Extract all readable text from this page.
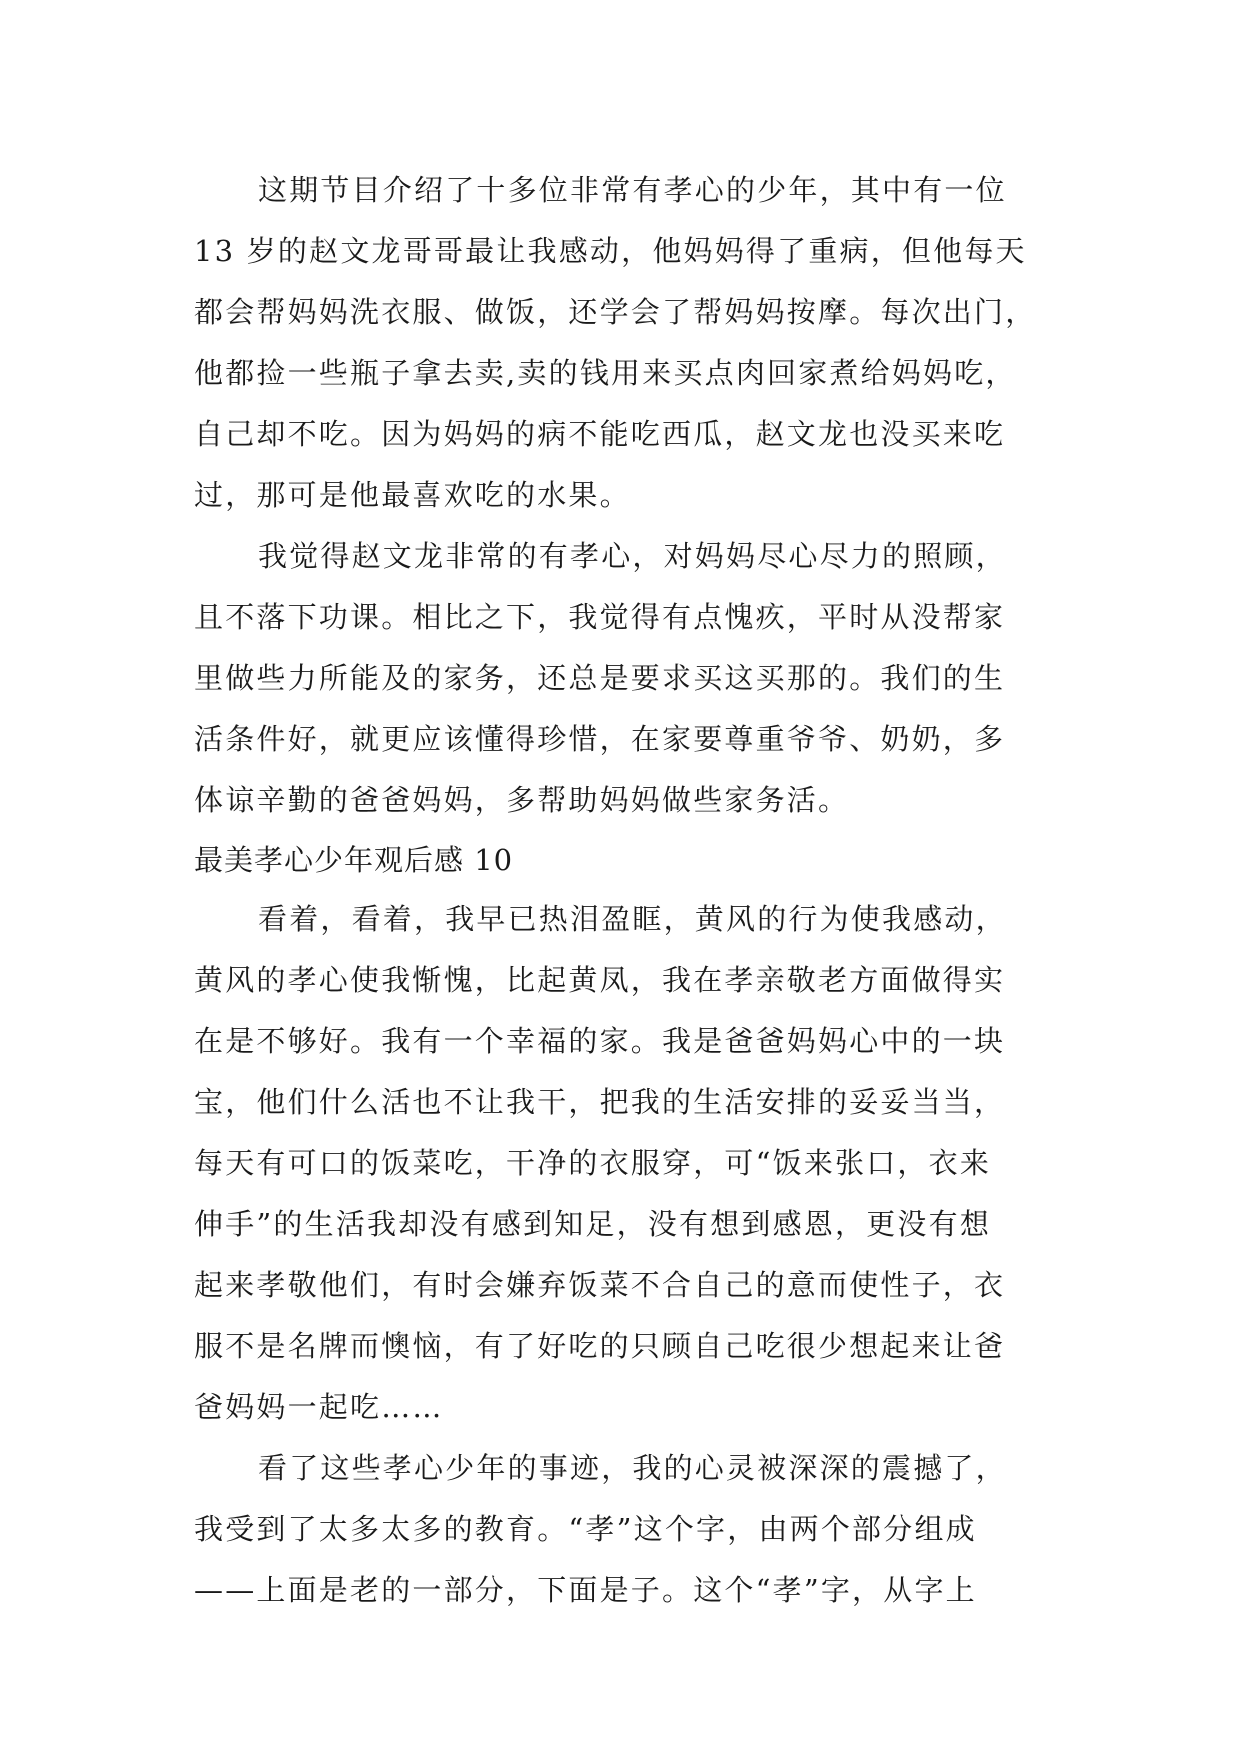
这期节目介绍了十多位非常有孝心的少年，其中有一位
13 岁的赵文龙哥哥最让我感动，他妈妈得了重病，但他每天
都会帮妈妈洗衣服、做饭，还学会了帮妈妈按摩。每次出门，
他都捡一些瓶子拿去卖,卖的钱用来买点肉回家煮给妈妈吃，
自己却不吃。因为妈妈的病不能吃西瓜，赵文龙也没买来吃
过，那可是他最喜欢吃的水果。
我觉得赵文龙非常的有孝心，对妈妈尽心尽力的照顾，
且不落下功课。相比之下，我觉得有点愧疚，平时从没帮家
里做些力所能及的家务，还总是要求买这买那的。我们的生
活条件好，就更应该懂得珍惜，在家要尊重爷爷、奶奶，多
体谅辛勤的爸爸妈妈，多帮助妈妈做些家务活。
最美孝心少年观后感 10
看着，看着，我早已热泪盈眶，黄风的行为使我感动，
黄风的孝心使我惭愧，比起黄凤，我在孝亲敬老方面做得实
在是不够好。我有一个幸福的家。我是爸爸妈妈心中的一块
宝，他们什么活也不让我干，把我的生活安排的妥妥当当，
每天有可口的饭菜吃，干净的衣服穿，可“饭来张口，衣来
伸手”的生活我却没有感到知足，没有想到感恩，更没有想
起来孝敬他们，有时会嫌弃饭菜不合自己的意而使性子，衣
服不是名牌而懊恼，有了好吃的只顾自己吃很少想起来让爸
爸妈妈一起吃……
看了这些孝心少年的事迹，我的心灵被深深的震撼了，
我受到了太多太多的教育。“孝”这个字，由两个部分组成
——上面是老的一部分，下面是子。这个“孝”字，从字上
